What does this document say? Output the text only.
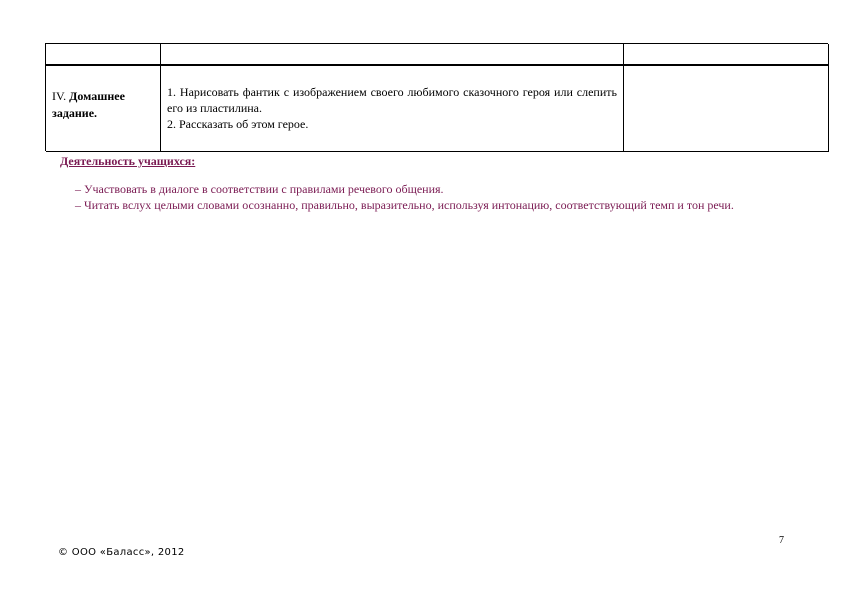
IV. Домашнее задание.
1. Нарисовать фантик с изображением своего любимого сказочного героя или слепить его из пластилина.
2. Рассказать об этом герое.
Деятельность учащихся:
– Участвовать в диалоге в соответствии с правилами речевого общения.
– Читать вслух целыми словами осознанно, правильно, выразительно, используя интонацию, соответствующий темп и тон речи.
7
© ООО «Баласс», 2012
